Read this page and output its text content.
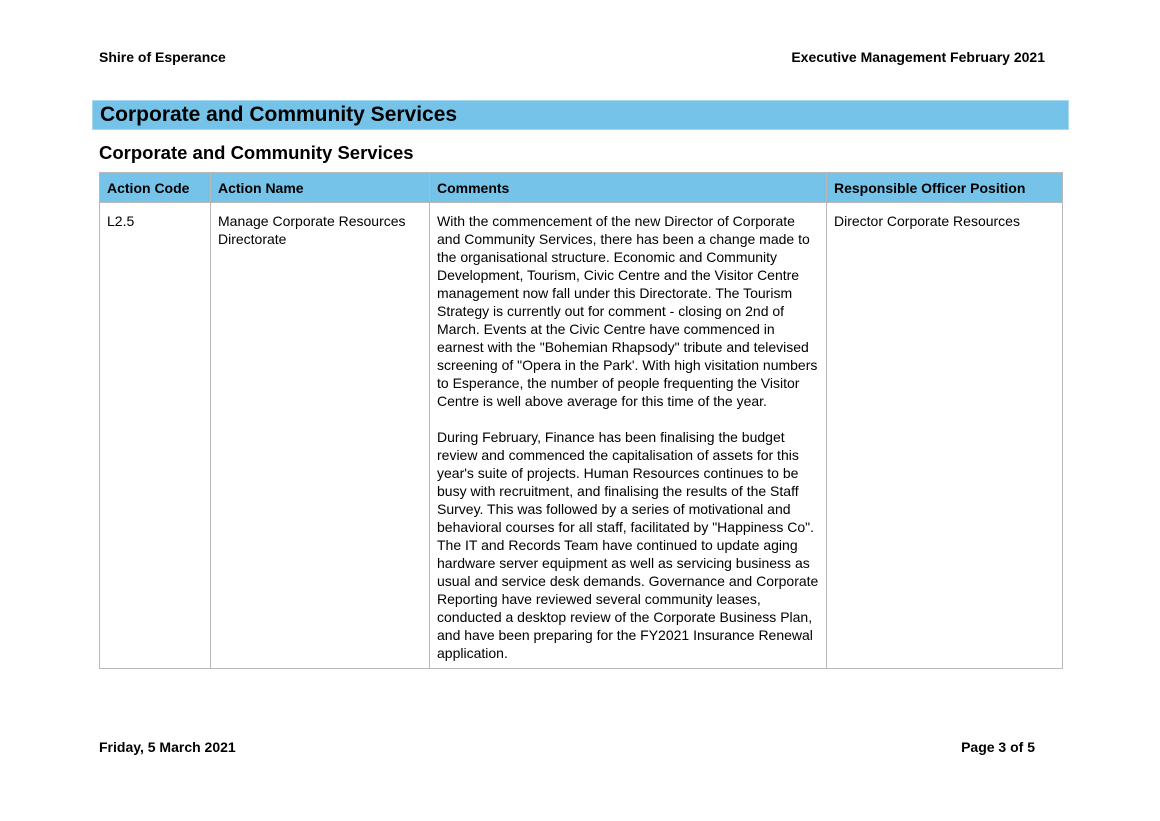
Shire of Esperance	Executive Management February 2021
Corporate and Community Services
Corporate and Community Services
Action Code	Action Name	Comments	Responsible Officer Position
L2.5	Manage Corporate Resources Directorate	With the commencement of the new Director of Corporate and Community Services, there has been a change made to the organisational structure. Economic and Community Development, Tourism, Civic Centre and the Visitor Centre management now fall under this Directorate. The Tourism Strategy is currently out for comment - closing on 2nd of March. Events at the Civic Centre have commenced in earnest with the "Bohemian Rhapsody" tribute and televised screening of "Opera in the Park'. With high visitation numbers to Esperance, the number of people frequenting the Visitor Centre is well above average for this time of the year.

During February, Finance has been finalising the budget review and commenced the capitalisation of assets for this year's suite of projects. Human Resources continues to be busy with recruitment, and finalising the results of the Staff Survey. This was followed by a series of motivational and behavioral courses for all staff, facilitated by "Happiness Co". The IT and Records Team have continued to update aging hardware server equipment as well as servicing business as usual and service desk demands. Governance and Corporate Reporting have reviewed several community leases, conducted a desktop review of the Corporate Business Plan, and have been preparing for the FY2021 Insurance Renewal application.	Director Corporate Resources
Friday, 5 March 2021	Page 3 of 5
